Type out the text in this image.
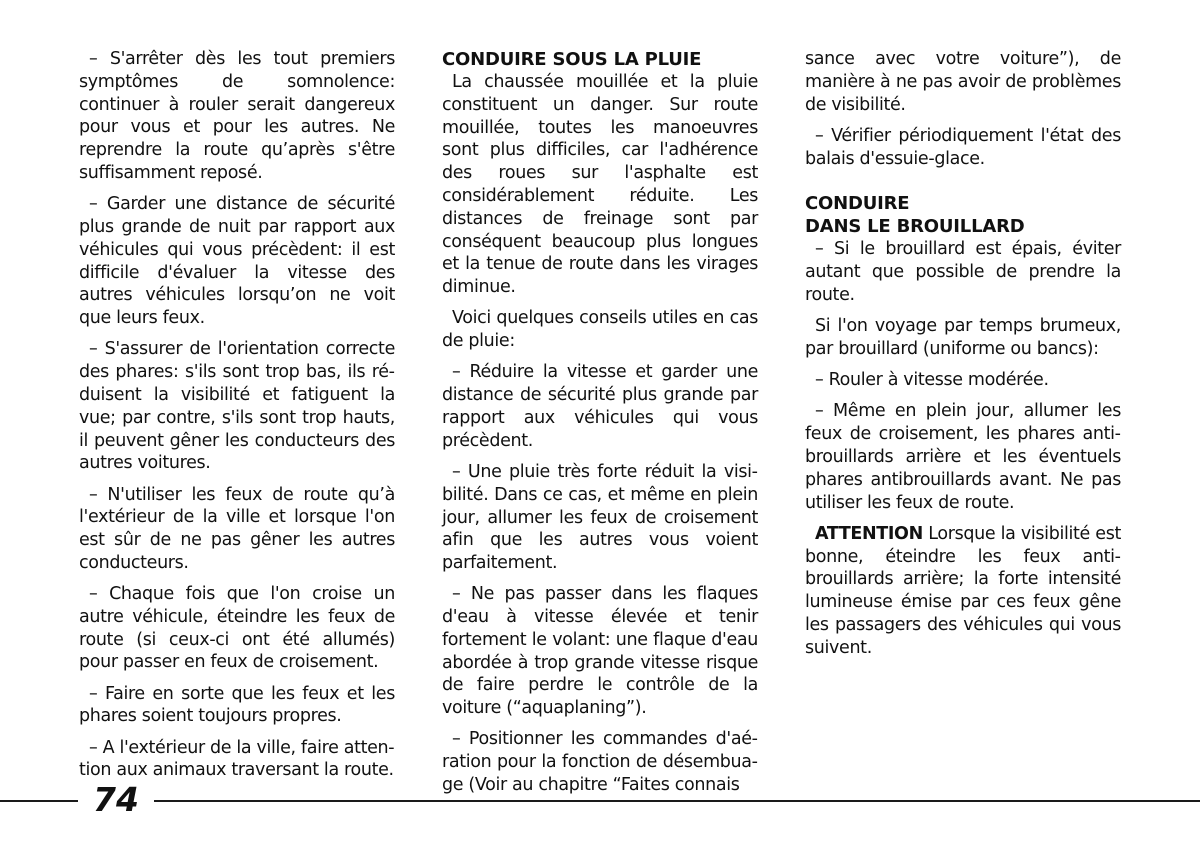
– S'arrêter dès les tout premiers symptômes de somnolence: continuer à rouler serait dangereux pour vous et pour les autres. Ne reprendre la route qu’après s'être suffisamment reposé.

– Garder une distance de sécurité plus grande de nuit par rapport aux véhicules qui vous précèdent: il est difficile d'évaluer la vitesse des autres véhicules lorsqu’on ne voit que leurs feux.

– S'assurer de l'orientation correcte des phares: s'ils sont trop bas, ils réduisent la visibilité et fatiguent la vue; par contre, s'ils sont trop hauts, il peuvent gêner les conducteurs des autres voitures.

– N'utiliser les feux de route qu’à l'extérieur de la ville et lorsque l'on est sûr de ne pas gêner les autres conducteurs.

– Chaque fois que l'on croise un autre véhicule, éteindre les feux de route (si ceux-ci ont été allumés) pour passer en feux de croisement.

– Faire en sorte que les feux et les phares soient toujours propres.

– A l'extérieur de la ville, faire attention aux animaux traversant la route.

CONDUIRE SOUS LA PLUIE

La chaussée mouillée et la pluie constituent un danger. Sur route mouillée, toutes les manoeuvres sont plus difficiles, car l'adhérence des roues sur l'asphalte est considérablement réduite. Les distances de freinage sont par conséquent beaucoup plus longues et la tenue de route dans les virages diminue.

Voici quelques conseils utiles en cas de pluie:

– Réduire la vitesse et garder une distance de sécurité plus grande par rapport aux véhicules qui vous précèdent.

– Une pluie très forte réduit la visibilité. Dans ce cas, et même en plein jour, allumer les feux de croisement afin que les autres vous voient parfaitement.

– Ne pas passer dans les flaques d'eau à vitesse élevée et tenir fortement le volant: une flaque d'eau abordée à trop grande vitesse risque de faire perdre le contrôle de la voiture (“aquaplaning”).

– Positionner les commandes d'aération pour la fonction de désembuage (Voir au chapitre “Faites connais

sance avec votre voiture”), de manière à ne pas avoir de problèmes de visibilité.

– Vérifier périodiquement l'état des balais d'essuie-glace.

CONDUIRE
DANS LE BROUILLARD

– Si le brouillard est épais, éviter autant que possible de prendre la route.

Si l'on voyage par temps brumeux, par brouillard (uniforme ou bancs):

– Rouler à vitesse modérée.

– Même en plein jour, allumer les feux de croisement, les phares antibrouillards arrière et les éventuels phares antibrouillards avant. Ne pas utiliser les feux de route.

ATTENTION Lorsque la visibilité est bonne, éteindre les feux antibrouillards arrière; la forte intensité lumineuse émise par ces feux gêne les passagers des véhicules qui vous suivent.

74
